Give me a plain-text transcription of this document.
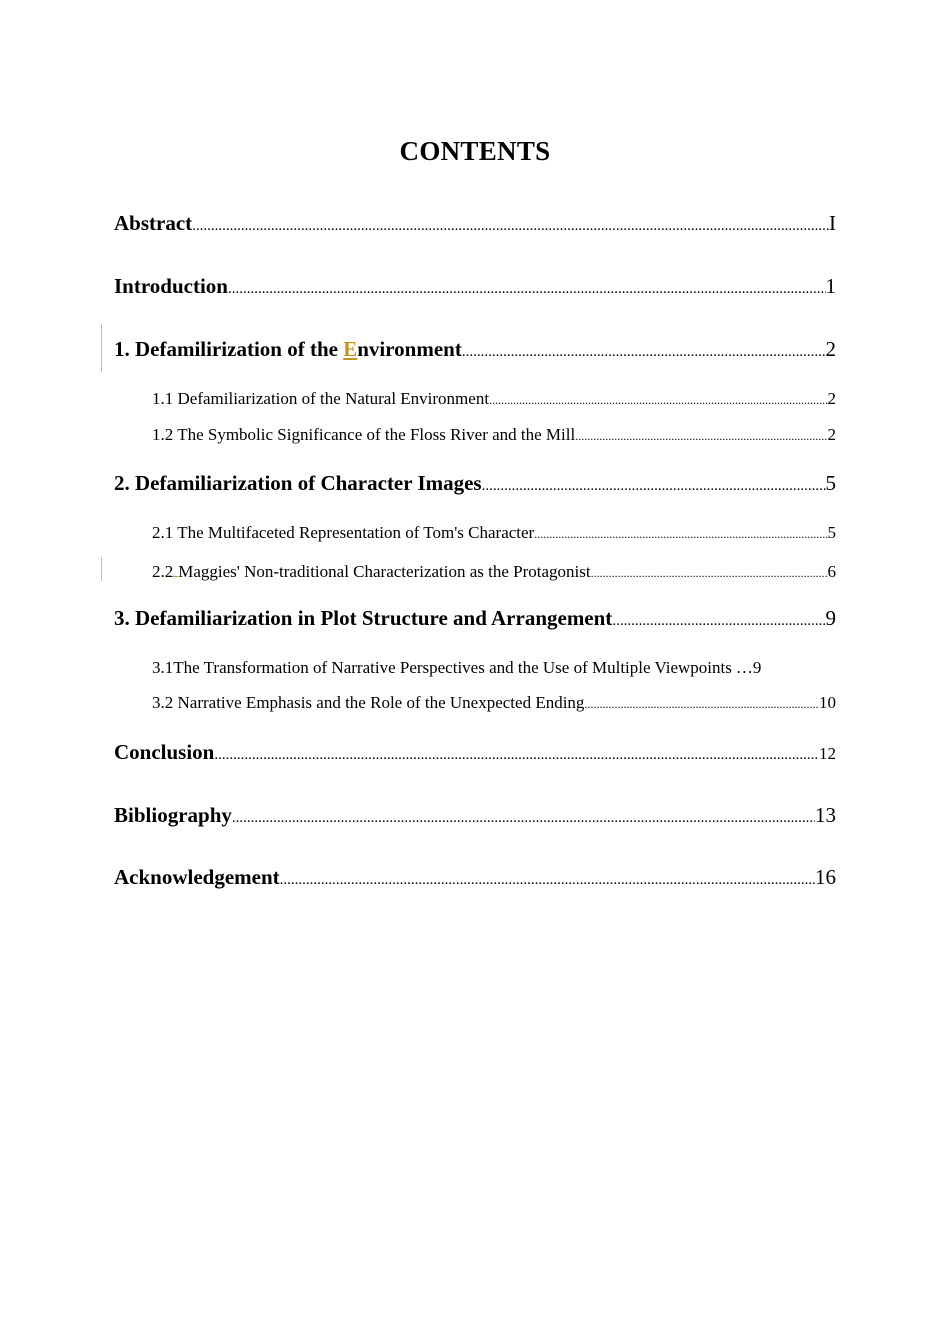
CONTENTS
Abstract .....	I
Introduction .....	1
1. Defamilirization of the Environment .....	2
1.1 Defamiliarization of the Natural Environment .....	2
1.2 The Symbolic Significance of the Floss River and the Mill .....	2
2. Defamiliarization of Character Images .....	5
2.1 The Multifaceted Representation of Tom's Character .....	5
2.2 Maggies' Non-traditional Characterization as the Protagonist .....	6
3. Defamiliarization in Plot Structure and Arrangement .....	9
3.1The Transformation of Narrative Perspectives and the Use of Multiple Viewpoints … 9
3.2 Narrative Emphasis and the Role of the Unexpected Ending .....	10
Conclusion .....	12
Bibliography .....	13
Acknowledgement .....	16
